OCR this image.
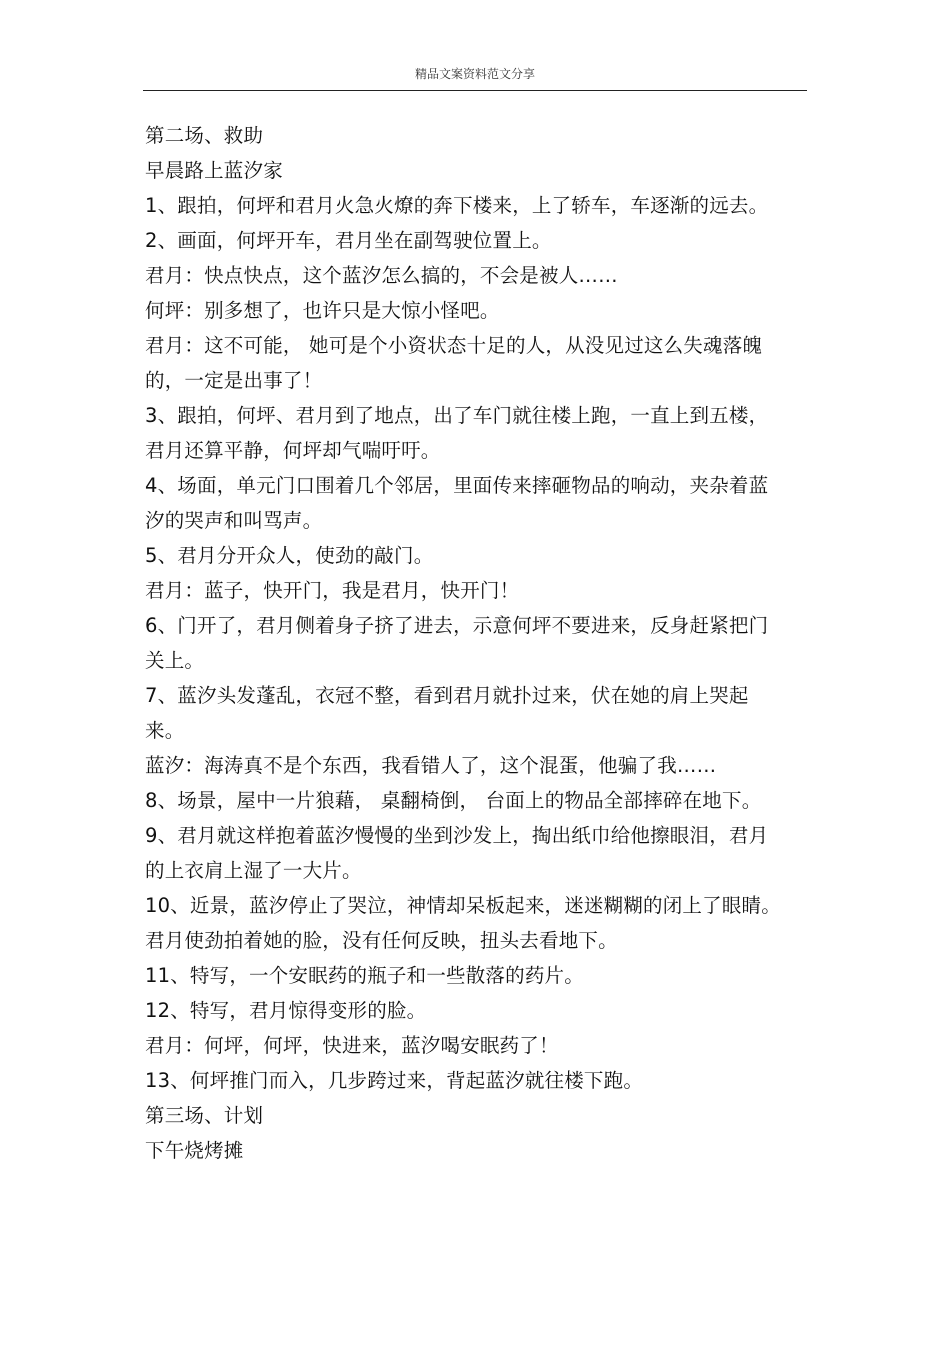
精品文案资料范文分享

第二场、救助

早晨路上蓝汐家

1、跟拍，何坪和君月火急火燎的奔下楼来，上了轿车，车逐渐的远去。

2、画面，何坪开车，君月坐在副驾驶位置上。

君月：快点快点，这个蓝汐怎么搞的，不会是被人……

何坪：别多想了，也许只是大惊小怪吧。

君月：这不可能， 她可是个小资状态十足的人，从没见过这么失魂落魄的，一定是出事了！

3、跟拍，何坪、君月到了地点，出了车门就往楼上跑，一直上到五楼，君月还算平静，何坪却气喘吁吁。

4、场面，单元门口围着几个邻居，里面传来摔砸物品的响动，夹杂着蓝汐的哭声和叫骂声。

5、君月分开众人，使劲的敲门。

君月：蓝子，快开门，我是君月，快开门！

6、门开了，君月侧着身子挤了进去，示意何坪不要进来，反身赶紧把门关上。

7、蓝汐头发蓬乱，衣冠不整，看到君月就扑过来，伏在她的肩上哭起来。

蓝汐：海涛真不是个东西，我看错人了，这个混蛋，他骗了我……

8、场景，屋中一片狼藉， 桌翻椅倒， 台面上的物品全部摔碎在地下。

9、君月就这样抱着蓝汐慢慢的坐到沙发上，掏出纸巾给他擦眼泪，君月的上衣肩上湿了一大片。

10、近景，蓝汐停止了哭泣，神情却呆板起来，迷迷糊糊的闭上了眼睛。君月使劲拍着她的脸，没有任何反映，扭头去看地下。

11、特写，一个安眠药的瓶子和一些散落的药片。

12、特写，君月惊得变形的脸。

君月：何坪，何坪，快进来，蓝汐喝安眠药了！

13、何坪推门而入，几步跨过来，背起蓝汐就往楼下跑。

第三场、计划

下午烧烤摊
